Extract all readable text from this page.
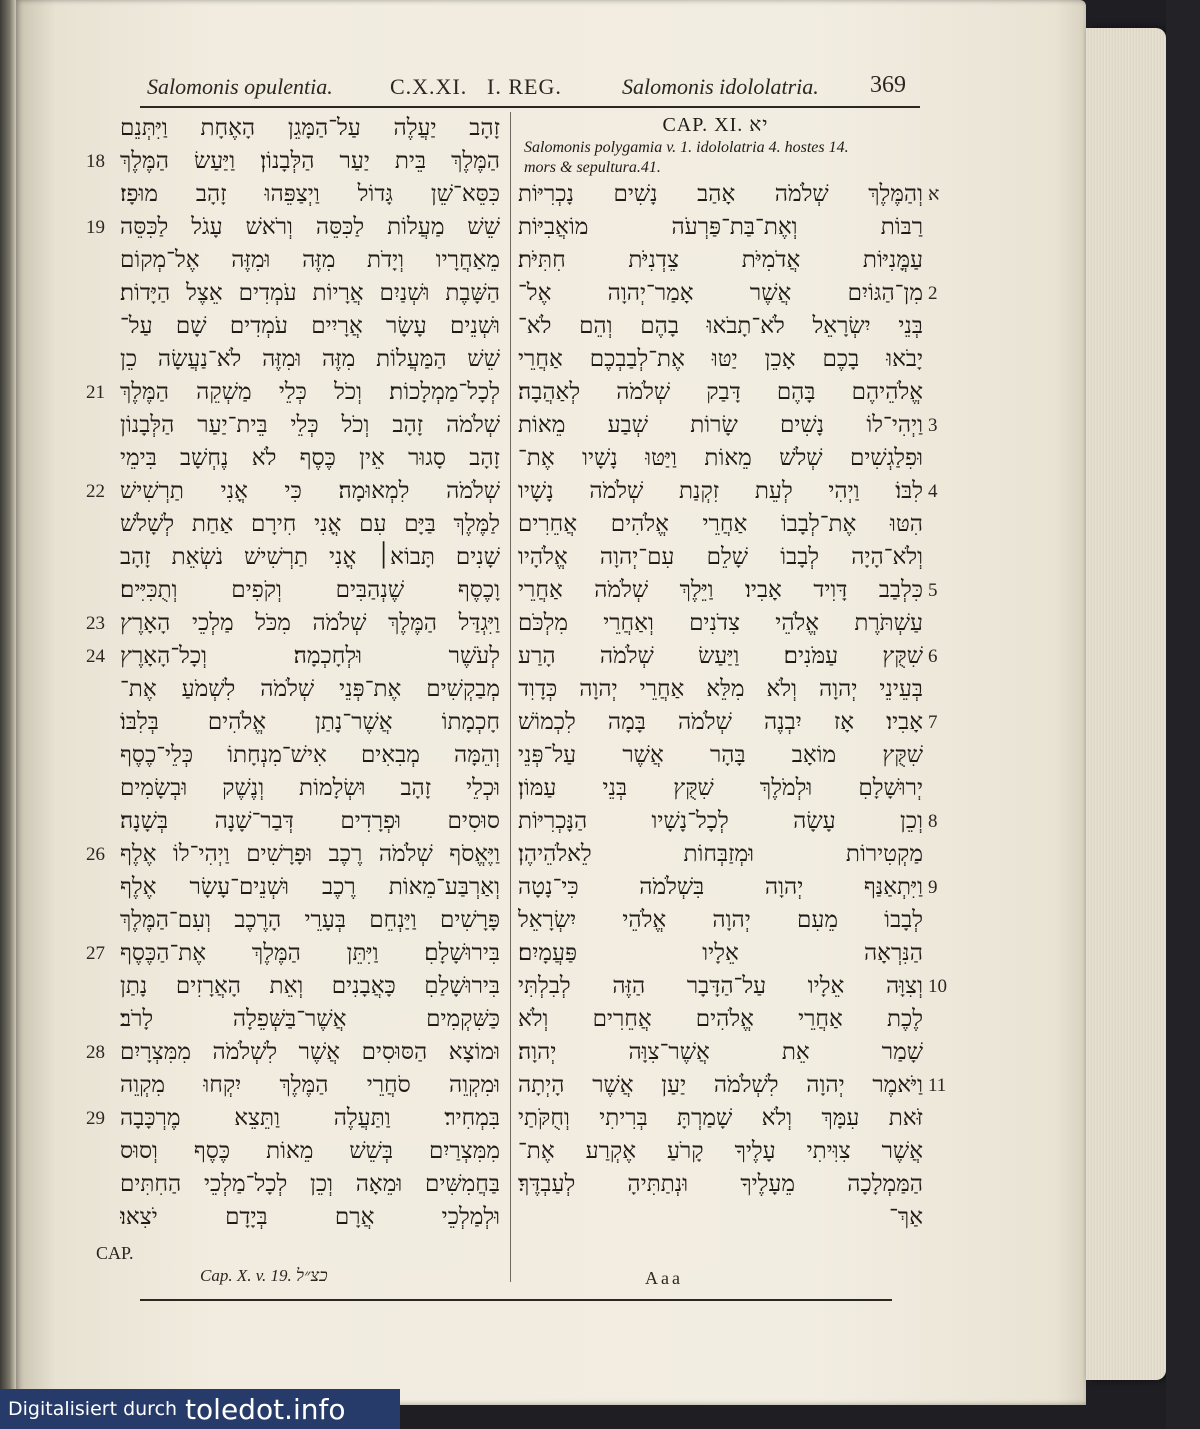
Salomonis opulentia.	C.X.XI. I. REG.	Salomonis idololatria. 369
זָהָב יַעֲלֶה עַל־הַמָּגֵן הָאֶחָת וַיִּתְּנֵם
הַמֶּלֶךְ בֵּית יַעַר הַלְּבָנוֹן׃ וַיַּעַשׂ הַמֶּלֶךְ
כִּסֵּא־שֵׁן גָּדוֹל וַיְצַפֵּהוּ זָהָב מוּפָז׃
שֵׁשׁ מַעֲלוֹת לַכִּסֵּה וְרֹאשׁ עָגֹל לַכִּסֵּה
מֵאַחֲרָיו וְיָדֹת מִזֶּה וּמִזֶּה אֶל־מְקוֹם
הַשָּׁבֶת וּשְׁנַיִם אֲרָיוֹת עֹמְדִים אֵצֶל הַיָּדוֹת׃
וּשְׁנֵים עָשָׂר אֲרָיִים עֹמְדִים שָׁם עַל־
שֵׁשׁ הַמַּעֲלוֹת מִזֶּה וּמִזֶּה לֹא־נַעֲשָׂה כֵן
לְכָל־מַמְלָכוֹת׃ וְכֹל כְּלֵי מַשְׁקֵה הַמֶּלֶךְ
שְׁלֹמֹה זָהָב וְכֹל כְּלֵי בֵּית־יַעַר הַלְּבָנוֹן
זָהָב סָגוּר אֵין כֶּסֶף לֹא נֶחְשָׁב בִּימֵי
שְׁלֹמֹה לִמְאוּמָה׃ כִּי אֳנִי תַרְשִׁישׁ
לַמֶּלֶךְ בַּיָּם עִם אֳנִי חִירָם אַחַת לְשָׁלֹשׁ
שָׁנִים תָּבוֹא׀ אֳנִי תַרְשִׁישׁ נֹשְׂאֵת זָהָב
וָכֶסֶף שֶׁנְהַבִּים וְקֹפִים וְתֻכִּיִּים׃
וַיִּגְדַּל הַמֶּלֶךְ שְׁלֹמֹה מִכֹּל מַלְכֵי הָאָרֶץ
לְעֹשֶׁר וּלְחָכְמָה׃ וְכָל־הָאָרֶץ
מְבַקְשִׁים אֶת־פְּנֵי שְׁלֹמֹה לִשְׁמֹעַ אֶת־
חָכְמָתוֹ אֲשֶׁר־נָתַן אֱלֹהִים בְּלִבּוֹ׃
וְהֵמָּה מְבִאִים אִישׁ־מִנְחָתוֹ כְּלֵי־כֶסֶף
וּכְלֵי זָהָב וּשְׂלָמוֹת וְנֶשֶׁק וּבְשָׂמִים
סוּסִים וּפְרָדִים דְּבַר־שָׁנָה בְּשָׁנָה׃
וַיֶּאֱסֹף שְׁלֹמֹה רֶכֶב וּפָרָשִׁים וַיְהִי־לוֹ אֶלֶף
וְאַרְבַּע־מֵאוֹת רֶכֶב וּשְׁנֵים־עָשָׂר אֶלֶף
פָּרָשִׁים וַיַּנְחֵם בְּעָרֵי הָרֶכֶב וְעִם־הַמֶּלֶךְ
בִּירוּשָׁלָםִ׃ וַיִּתֵּן הַמֶּלֶךְ אֶת־הַכֶּסֶף
בִּירוּשָׁלַםִ כָּאֲבָנִים וְאֵת הָאֲרָזִים נָתַן
כַּשִּׁקְמִים אֲשֶׁר־בַּשְּׁפֵלָה לָרֹב׃
וּמוֹצָא הַסּוּסִים אֲשֶׁר לִשְׁלֹמֹה מִמִּצְרָיִם
וּמִקְוֵה סֹחֲרֵי הַמֶּלֶךְ יִקְחוּ מִקְוֵה
בִּמְחִיר׃ וַתַּעֲלֶה וַתֵּצֵא מֶרְכָּבָה
מִמִּצְרַיִם בְּשֵׁשׁ מֵאוֹת כֶּסֶף וְסוּס
בַּחֲמִשִּׁים וּמֵאָה וְכֵן לְכָל־מַלְכֵי הַחִתִּים
וּלְמַלְכֵי אֲרָם בְּיָדָם יֹצִאוּ׃
CAP. XI. יא
Salomonis polygamia v. 1. idololatria 4. hostes 14.
mors & sepultura.41.
וְהַמֶּלֶךְ שְׁלֹמֹה אָהַב נָשִׁים נָכְרִיּוֹת
רַבּוֹת וְאֶת־בַּת־פַּרְעֹה מוֹאֲבִיּוֹת
עַמֳּנִיּוֹת אֲדֹמִיֹּת צֵדְנִיֹּת חִתִּיֹּת׃
מִן־הַגּוֹיִם אֲשֶׁר אָמַר־יְהוָה אֶל־
בְּנֵי יִשְׂרָאֵל לֹא־תָבֹאוּ בָהֶם וְהֵם לֹא־
יָבֹאוּ בָכֶם אָכֵן יַטּוּ אֶת־לְבַבְכֶם אַחֲרֵי
אֱלֹהֵיהֶם בָּהֶם דָּבַק שְׁלֹמֹה לְאַהֲבָה׃
וַיְהִי־לוֹ נָשִׁים שָׂרוֹת שְׁבַע מֵאוֹת
וּפִלַגְשִׁים שְׁלֹשׁ מֵאוֹת וַיַּטּוּ נָשָׁיו אֶת־
לִבּוֹ׃ וַיְהִי לְעֵת זִקְנַת שְׁלֹמֹה נָשָׁיו
הִטּוּ אֶת־לְבָבוֹ אַחֲרֵי אֱלֹהִים אֲחֵרִים
וְלֹא־הָיָה לְבָבוֹ שָׁלֵם עִם־יְהוָה אֱלֹהָיו
כִּלְבַב דָּוִיד אָבִיו׃ וַיֵּלֶךְ שְׁלֹמֹה אַחֲרֵי
עַשְׁתֹּרֶת אֱלֹהֵי צִדֹנִים וְאַחֲרֵי מִלְכֹּם
שִׁקֻּץ עַמֹּנִים׃ וַיַּעַשׂ שְׁלֹמֹה הָרַע
בְּעֵינֵי יְהוָה וְלֹא מִלֵּא אַחֲרֵי יְהוָה כְּדָוִד
אָבִיו׃ אָז יִבְנֶה שְׁלֹמֹה בָּמָה לִכְמוֹשׁ
שִׁקֻּץ מוֹאָב בָּהָר אֲשֶׁר עַל־פְּנֵי
יְרוּשָׁלָםִ וּלְמֹלֶךְ שִׁקֻּץ בְּנֵי עַמּוֹן׃
וְכֵן עָשָׂה לְכָל־נָשָׁיו הַנָּכְרִיּוֹת
מַקְטִירוֹת וּמְזַבְּחוֹת לֵאלֹהֵיהֶן׃
וַיִּתְאַנַּף יְהוָה בִּשְׁלֹמֹה כִּי־נָטָה
לְבָבוֹ מֵעִם יְהוָה אֱלֹהֵי יִשְׂרָאֵל
הַנִּרְאָה אֵלָיו פַּעֲמָיִם׃
וְצִוָּה אֵלָיו עַל־הַדָּבָר הַזֶּה לְבִלְתִּי
לֶכֶת אַחֲרֵי אֱלֹהִים אֲחֵרִים וְלֹא
שָׁמַר אֵת אֲשֶׁר־צִוָּה יְהוָה׃
וַיֹּאמֶר יְהוָה לִשְׁלֹמֹה יַעַן אֲשֶׁר הָיְתָה
זֹּאת עִמָּךְ וְלֹא שָׁמַרְתָּ בְּרִיתִי וְחֻקֹּתַי
אֲשֶׁר צִוִּיתִי עָלֶיךָ קָרֹעַ אֶקְרַע אֶת־
הַמַּמְלָכָה מֵעָלֶיךָ וּנְתַתִּיהָ לְעַבְדֶּךָ׃
אַךְ־
CAP.
Cap. X. v. 19. כצ״ל	Aaa
Digitalisiert durch toledot.info
18
19
21
22
23
24
26
27
28
29
א
2
3
4
5
6
7
8
9
10
11
